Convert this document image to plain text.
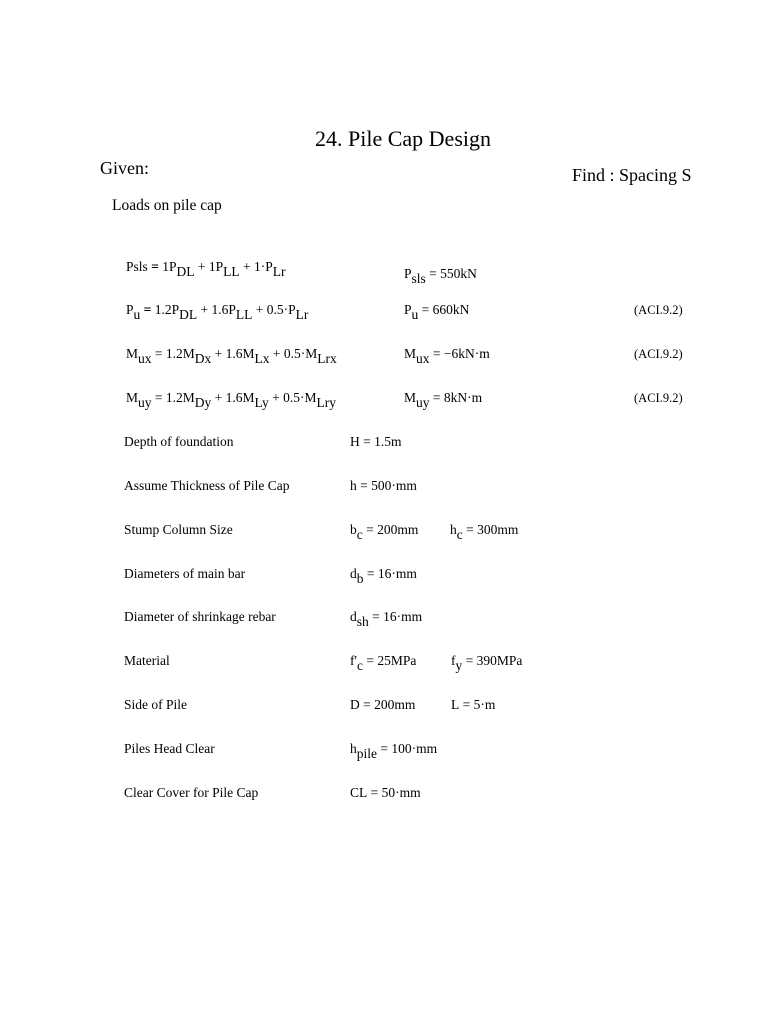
24. Pile Cap Design
Given:	Find : Spacing S
Loads on pile cap
Psls = $1P_{DL} + 1P_{LL} + 1\cdot P_{Lr}$	$P_{sls} = 550kN$
$P_u = 1.2P_{DL} + 1.6P_{LL} + 0.5\cdot P_{Lr}$	$P_u = 660kN$	(ACI.9.2)
$M_{ux} = 1.2M_{Dx} + 1.6M_{Lx} + 0.5\cdot M_{Lrx}$	$M_{ux} = -6kN\cdot m$	(ACI.9.2)
$M_{uy} = 1.2M_{Dy} + 1.6M_{Ly} + 0.5\cdot M_{Lry}$	$M_{uy} = 8kN\cdot m$	(ACI.9.2)
Depth of foundation	H = 1.5m
Assume Thickness of Pile Cap	h = 500·mm
Stump Column Size	$b_c = 200mm$ $h_c = 300mm$
Diameters of main bar	$d_b = 16\cdot mm$
Diameter of shrinkage rebar	$d_{sh} = 16\cdot mm$
Material	$f'_c = 25MPa$	$f_y = 390MPa$
Side of Pile	D = 200mm	L = 5·m
Piles Head Clear	$h_{pile} = 100\cdot mm$
Clear Cover for Pile Cap	CL = 50·mm
